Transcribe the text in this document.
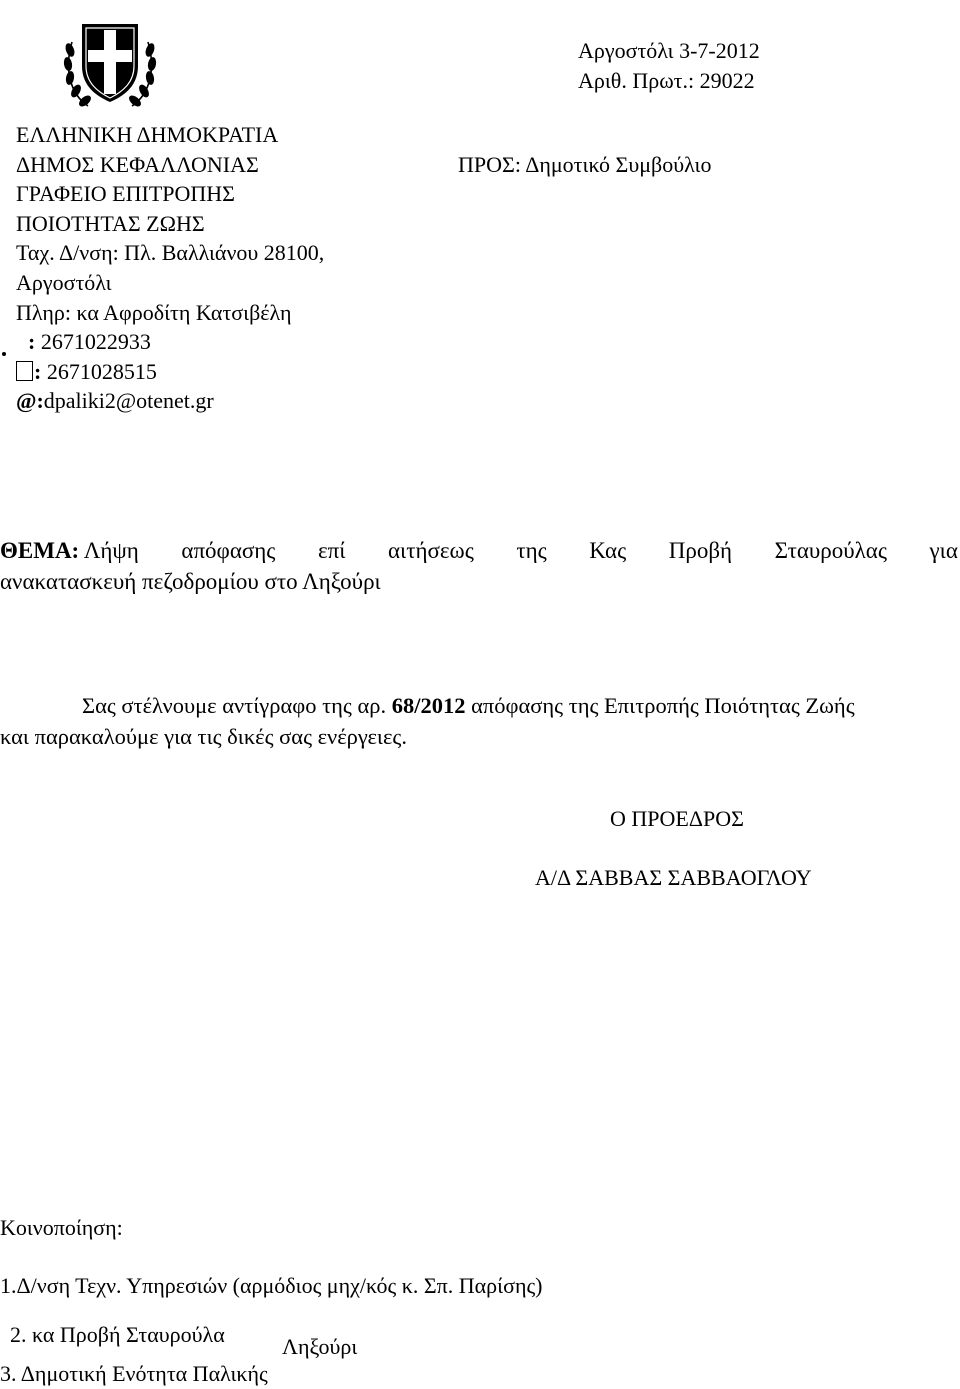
Αργοστόλι 3-7-2012
Αριθ. Πρωτ.: 29022
ΠΡΟΣ: Δημοτικό Συμβούλιο
ΕΛΛΗΝΙΚΗ ΔΗΜΟΚΡΑΤΙΑ
ΔΗΜΟΣ ΚΕΦΑΛΛΟΝΙΑΣ
ΓΡΑΦΕΙΟ ΕΠΙΤΡΟΠΗΣ
ΠΟΙΟΤΗΤΑΣ ΖΩΗΣ
Ταχ. Δ/νση: Πλ. Βαλλιάνου 28100,
Αργοστόλι
Πληρ: κα Αφροδίτη Κατσιβέλη
: 2671022933
: 2671028515
@:dpaliki2@otenet.gr
ΘΕΜΑ: Λήψη απόφασης επί αιτήσεως της Κας Προβή Σταυρούλας για
ανακατασκευή πεζοδρομίου στο Ληξούρι
Σας στέλνουμε αντίγραφο της αρ. 68/2012 απόφασης της Επιτροπής Ποιότητας Ζωής
και παρακαλούμε για τις δικές σας ενέργειες.
Ο ΠΡΟΕΔΡΟΣ
Α/Δ ΣΑΒΒΑΣ ΣΑΒΒΑΟΓΛΟΥ
Κοινοποίηση:
1.Δ/νση Τεχν. Υπηρεσιών (αρμόδιος μηχ/κός κ. Σπ. Παρίσης)
2. κα Προβή Σταυρούλα	Ληξούρι
3. Δημοτική Ενότητα Παλικής
